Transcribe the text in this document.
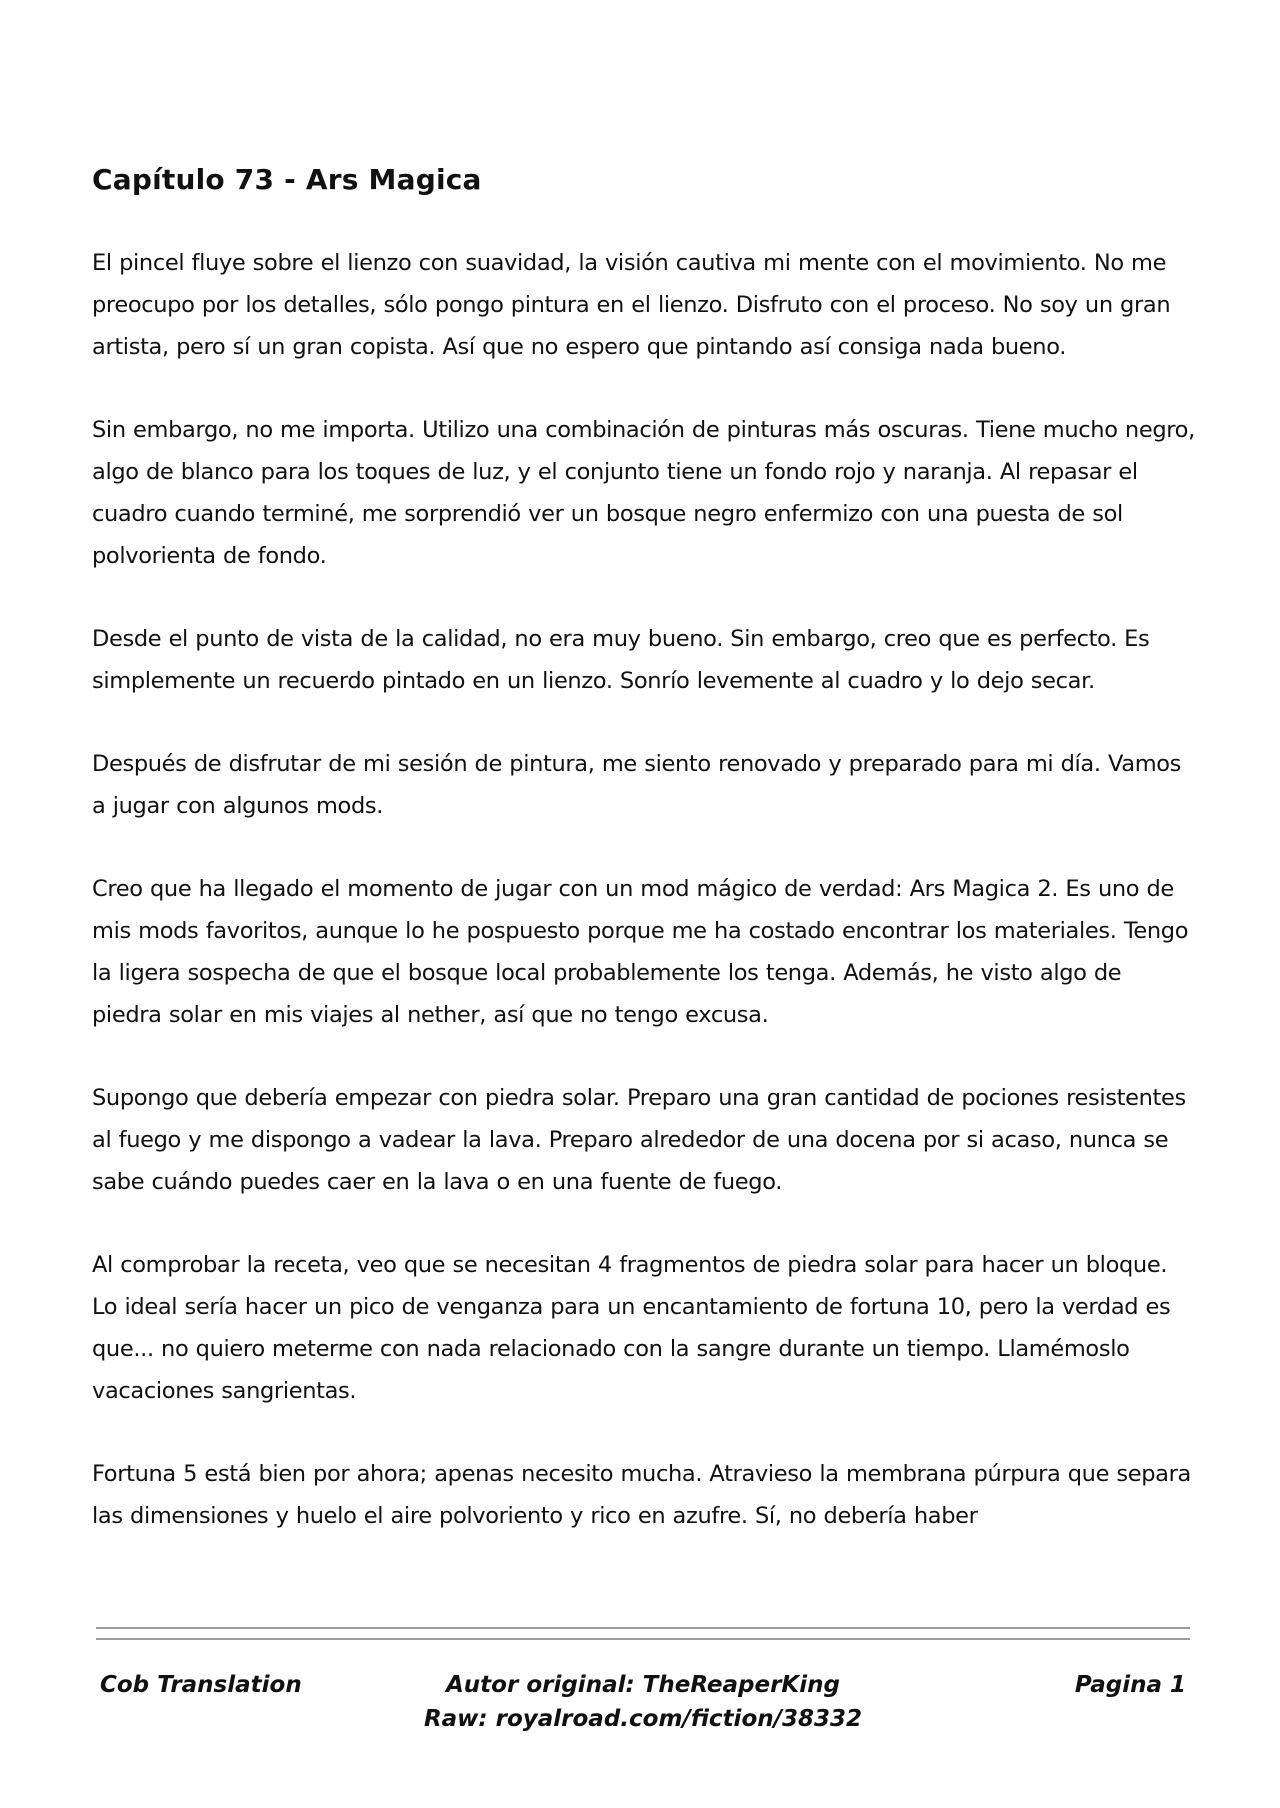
Capítulo 73 - Ars Magica

El pincel fluye sobre el lienzo con suavidad, la visión cautiva mi mente con el movimiento. No me preocupo por los detalles, sólo pongo pintura en el lienzo. Disfruto con el proceso. No soy un gran artista, pero sí un gran copista. Así que no espero que pintando así consiga nada bueno.

Sin embargo, no me importa. Utilizo una combinación de pinturas más oscuras. Tiene mucho negro, algo de blanco para los toques de luz, y el conjunto tiene un fondo rojo y naranja. Al repasar el cuadro cuando terminé, me sorprendió ver un bosque negro enfermizo con una puesta de sol polvorienta de fondo.

Desde el punto de vista de la calidad, no era muy bueno. Sin embargo, creo que es perfecto. Es simplemente un recuerdo pintado en un lienzo. Sonrío levemente al cuadro y lo dejo secar.

Después de disfrutar de mi sesión de pintura, me siento renovado y preparado para mi día. Vamos a jugar con algunos mods.

Creo que ha llegado el momento de jugar con un mod mágico de verdad: Ars Magica 2. Es uno de mis mods favoritos, aunque lo he pospuesto porque me ha costado encontrar los materiales. Tengo la ligera sospecha de que el bosque local probablemente los tenga. Además, he visto algo de piedra solar en mis viajes al nether, así que no tengo excusa.

Supongo que debería empezar con piedra solar. Preparo una gran cantidad de pociones resistentes al fuego y me dispongo a vadear la lava. Preparo alrededor de una docena por si acaso, nunca se sabe cuándo puedes caer en la lava o en una fuente de fuego.

Al comprobar la receta, veo que se necesitan 4 fragmentos de piedra solar para hacer un bloque. Lo ideal sería hacer un pico de venganza para un encantamiento de fortuna 10, pero la verdad es que... no quiero meterme con nada relacionado con la sangre durante un tiempo. Llamémoslo vacaciones sangrientas.

Fortuna 5 está bien por ahora; apenas necesito mucha. Atravieso la membrana púrpura que separa las dimensiones y huelo el aire polvoriento y rico en azufre. Sí, no debería haber

Cob Translation	Autor original: TheReaperKing
Raw: royalroad.com/fiction/38332
Pagina 1
